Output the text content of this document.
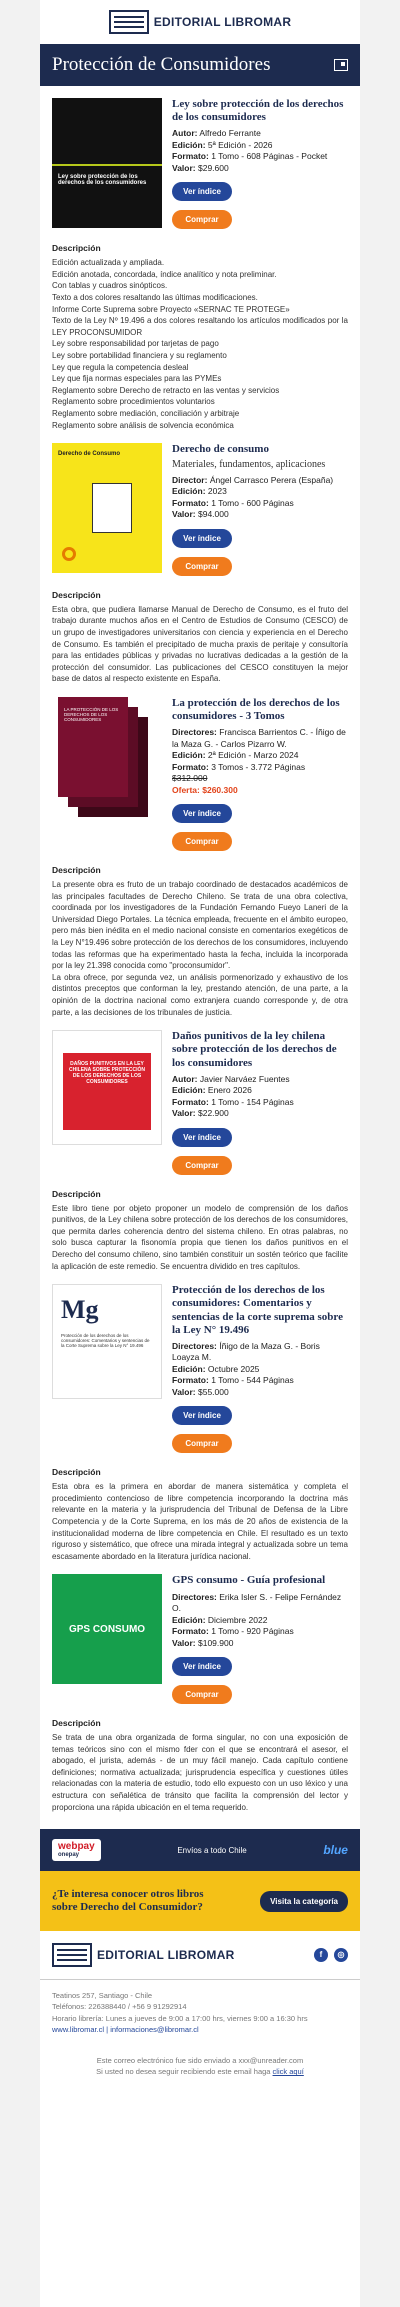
EDITORIAL LIBROMAR
Protección de Consumidores
Ley sobre protección de los derechos de los consumidores
Ley sobre protección de los derechos de los consumidores
Autor: Alfredo Ferrante
Edición: 5ª Edición - 2026
Formato: 1 Tomo - 608 Páginas - Pocket
Valor: $29.600
Ver índice
Comprar
Descripción

Edición actualizada y ampliada.

Edición anotada, concordada, índice analítico y nota preliminar.

Con tablas y cuadros sinópticos.

Texto a dos colores resaltando las últimas modificaciones.

Informe Corte Suprema sobre Proyecto «SERNAC TE PROTEGE»

Texto de la Ley Nº 19.496 a dos colores resaltando los artículos modificados por la LEY PROCONSUMIDOR

Ley sobre responsabilidad por tarjetas de pago

Ley sobre portabilidad financiera y su reglamento

Ley que regula la competencia desleal

Ley que fija normas especiales para las PYMEs

Reglamento sobre Derecho de retracto en las ventas y servicios

Reglamento sobre procedimientos voluntarios

Reglamento sobre mediación, conciliación y arbitraje

Reglamento sobre análisis de solvencia económica

Derecho de Consumo	Derecho de consumo
Materiales, fundamentos, aplicaciones
Director: Ángel Carrasco Perera (España)
Edición: 2023
Formato: 1 Tomo - 600 Páginas
Valor: $94.000
Ver índice
Comprar
Descripción

Esta obra, que pudiera llamarse Manual de Derecho de Consumo, es el fruto del trabajo durante muchos años en el Centro de Estudios de Consumo (CESCO) de un grupo de investigadores universitarios con ciencia y experiencia en el Derecho de Consumo. Es también el precipitado de mucha praxis de peritaje y consultoría para las entidades públicas y privadas no lucrativas dedicadas a la gestión de la protección del consumidor. Las publicaciones del CESCO constituyen la mejor base de datos al respecto existente en España.

LA PROTECCIÓN DE LOS DERECHOS DE LOS CONSUMIDORES
La protección de los derechos de los consumidores - 3 Tomos
Directores: Francisca Barrientos C. - Íñigo de la Maza G. - Carlos Pizarro W.
Edición: 2ª Edición - Marzo 2024
Formato: 3 Tomos - 3.772 Páginas
$312.000
Oferta: $260.300
Ver índice
Comprar
Descripción

La presente obra es fruto de un trabajo coordinado de destacados académicos de las principales facultades de Derecho Chileno. Se trata de una obra colectiva, coordinada por los investigadores de la Fundación Fernando Fueyo Laneri de la Universidad Diego Portales. La técnica empleada, frecuente en el ámbito europeo, pero más bien inédita en el medio nacional consiste en comentarios exegéticos de la Ley N°19.496 sobre protección de los derechos de los consumidores, incluyendo todas las reformas que ha experimentado hasta la fecha, incluida la incorporada por la ley 21.398 conocida como "proconsumidor".

La obra ofrece, por segunda vez, un análisis pormenorizado y exhaustivo de los distintos preceptos que conforman la ley, prestando atención, de una parte, a la opinión de la doctrina nacional como extranjera cuando corresponde y, de otra parte, a las decisiones de los tribunales de justicia.

DAÑOS PUNITIVOS EN LA LEY CHILENA SOBRE PROTECCIÓN DE LOS DERECHOS DE LOS CONSUMIDORES
Daños punitivos de la ley chilena sobre protección de los derechos de los consumidores
Autor: Javier Narváez Fuentes
Edición: Enero 2026
Formato: 1 Tomo - 154 Páginas
Valor: $22.900
Ver índice
Comprar
Descripción

Este libro tiene por objeto proponer un modelo de comprensión de los daños punitivos, de la Ley chilena sobre protección de los derechos de los consumidores, que permita darles coherencia dentro del sistema chileno. En otras palabras, no solo busca capturar la fisonomía propia que tienen los daños punitivos en el Derecho del consumo chileno, sino también constituir un sostén teórico que facilite la aplicación de este remedio. Se encuentra dividido en tres capítulos.

Mg
Protección de los derechos de los consumidores: Comentarios y sentencias de la Corte Suprema sobre la Ley N° 19.496
Protección de los derechos de los consumidores: Comentarios y sentencias de la corte suprema sobre la Ley N° 19.496
Directores: Íñigo de la Maza G. - Boris Loayza M.
Edición: Octubre 2025
Formato: 1 Tomo - 544 Páginas
Valor: $55.000
Ver índice
Comprar
Descripción

Esta obra es la primera en abordar de manera sistemática y completa el procedimiento contencioso de libre competencia incorporando la doctrina más relevante en la materia y la jurisprudencia del Tribunal de Defensa de la Libre Competencia y de la Corte Suprema, en los más de 20 años de existencia de la institucionalidad moderna de libre competencia en Chile. El resultado es un texto riguroso y sistemático, que ofrece una mirada integral y actualizada sobre un tema escasamente abordado en la literatura jurídica nacional.

GPS CONSUMO
GPS consumo - Guía profesional
Directores: Erika Isler S. - Felipe Fernández O.
Edición: Diciembre 2022
Formato: 1 Tomo - 920 Páginas
Valor: $109.900
Ver índice
Comprar
Descripción

Se trata de una obra organizada de forma singular, no con una exposición de temas teóricos sino con el mismo fder con el que se encontrará el asesor, el abogado, el jurista, además - de un muy fácil manejo. Cada capítulo contiene definiciones; normativa actualizada; jurisprudencia específica y cuestiones útiles relacionadas con la materia de estudio, todo ello expuesto con un uso léxico y una estructura con señalética de tránsito que facilita la comprensión del lector y proporciona una rápida ubicación en el tema requerido.

webpay
onepay
Envíos a todo Chile	blue
¿Te interesa conocer otros libros sobre Derecho del Consumidor?	Visita la categoría
EDITORIAL LIBROMAR	f	◎
Teatinos 257, Santiago - Chile
Teléfonos: 226388440 / +56 9 91292914
Horario librería: Lunes a jueves de 9:00 a 17:00 hrs, viernes 9:00 a 16:30 hrs
www.libromar.cl | informaciones@libromar.cl
Este correo electrónico fue sido enviado a xxx@unreader.com
Si usted no desea seguir recibiendo este email haga click aquí
